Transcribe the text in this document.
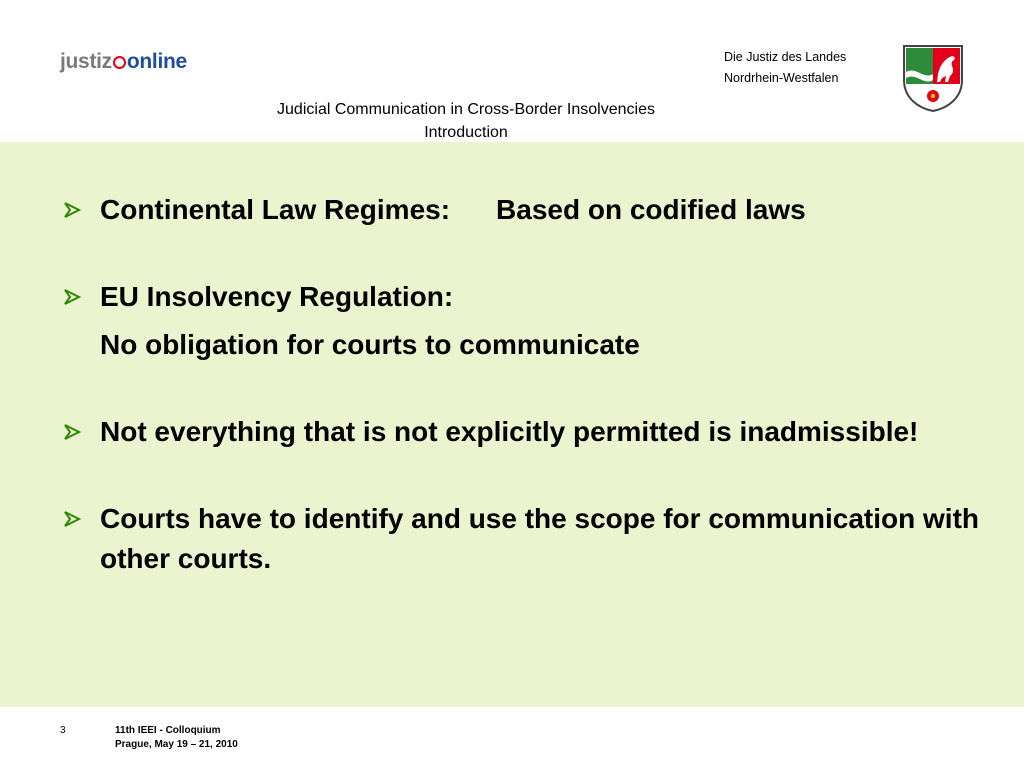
justiz online	Die Justiz des Landes
Nordrhein-Westfalen
Judicial Communication in Cross-Border Insolvencies
Introduction
Continental Law Regimes: Based on codified laws
EU Insolvency Regulation:
No obligation for courts to communicate
Not everything that is not explicitly permitted is inadmissible!
Courts have to identify and use the scope for communication with other courts.
3	11th IEEI - Colloquium
Prague, May 19 – 21, 2010
